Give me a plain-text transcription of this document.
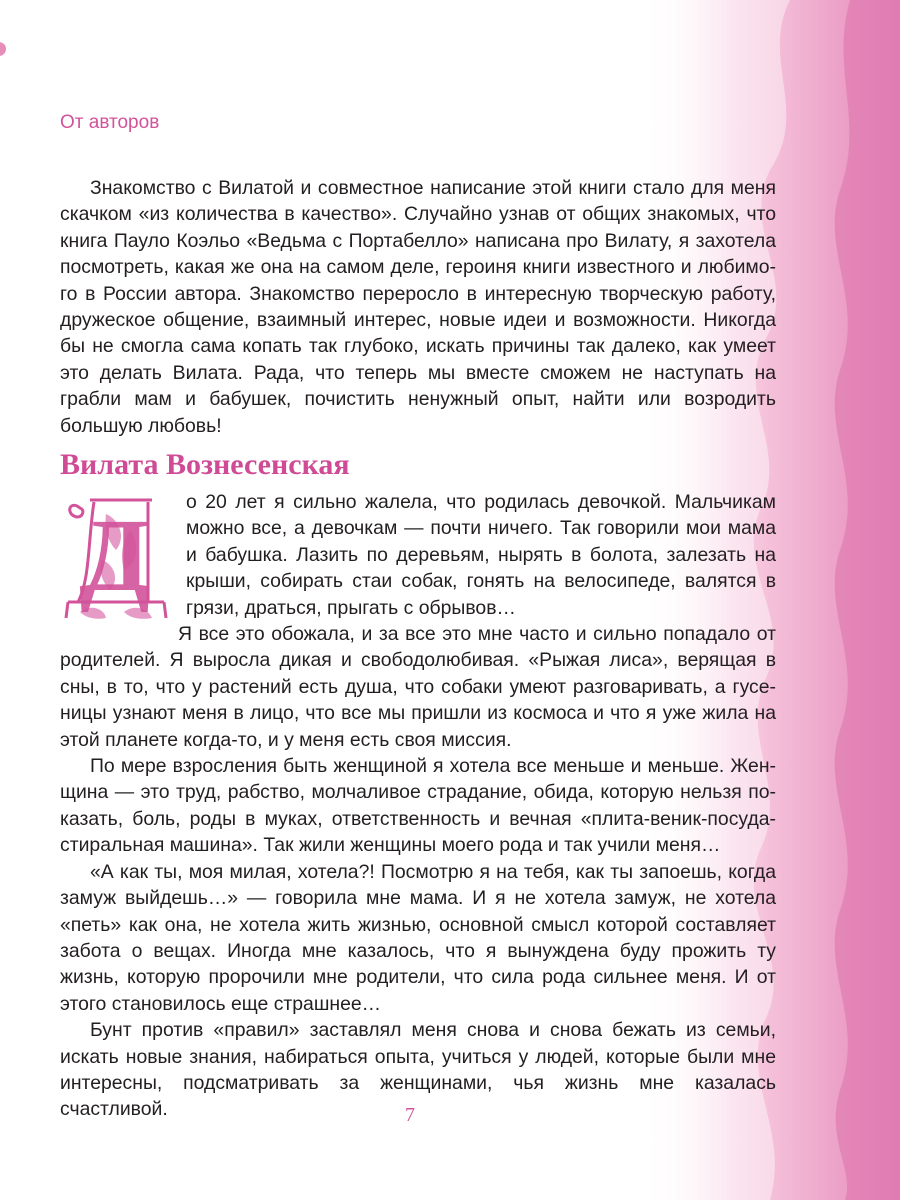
От авторов

Знакомство с Вилатой и совместное написание этой книги стало для меня скачком «из количества в качество». Случайно узнав от общих знакомых, что книга Пауло Коэльо «Ведьма с Портабелло» написана про Вилату, я захотела посмотреть, какая же она на самом деле, героиня книги известного и любимого в России автора. Знакомство переросло в интересную творческую работу, дружеское общение, взаимный интерес, новые идеи и возможности. Никогда бы не смогла сама копать так глубоко, искать причины так далеко, как умеет это делать Вилата. Рада, что теперь мы вместе сможем не наступать на грабли мам и бабушек, почистить ненужный опыт, найти или возродить большую любовь!

Вилата Вознесенская
Д	о 20 лет я сильно жалела, что родилась девочкой. Мальчикам можно все, а девочкам — почти ничего. Так говорили мои мама и бабушка. Лазить по деревьям, нырять в болота, залезать на крыши, собирать стаи собак, гонять на велосипеде, валятся в грязи, драться, прыгать с обрывов…

Я все это обожала, и за все это мне часто и сильно попадало от родителей. Я выросла дикая и свободолюбивая. «Рыжая лиса», верящая в сны, в то, что у растений есть душа, что собаки умеют разговаривать, а гусеницы узнают меня в лицо, что все мы пришли из космоса и что я уже жила на этой планете когда-то, и у меня есть своя миссия.

По мере взросления быть женщиной я хотела все меньше и меньше. Женщина — это труд, рабство, молчаливое страдание, обида, которую нельзя показать, боль, роды в муках, ответственность и вечная «плита-веник-посуда-стиральная машина». Так жили женщины моего рода и так учили меня…

«А как ты, моя милая, хотела?! Посмотрю я на тебя, как ты запоешь, когда замуж выйдешь…» — говорила мне мама. И я не хотела замуж, не хотела «петь» как она, не хотела жить жизнью, основной смысл которой составляет забота о вещах. Иногда мне казалось, что я вынуждена буду прожить ту жизнь, которую пророчили мне родители, что сила рода сильнее меня. И от этого становилось еще страшнее…

Бунт против «правил» заставлял меня снова и снова бежать из семьи, искать новые знания, набираться опыта, учиться у людей, которые были мне интересны, подсматривать за женщинами, чья жизнь мне казалась счастливой.	7
